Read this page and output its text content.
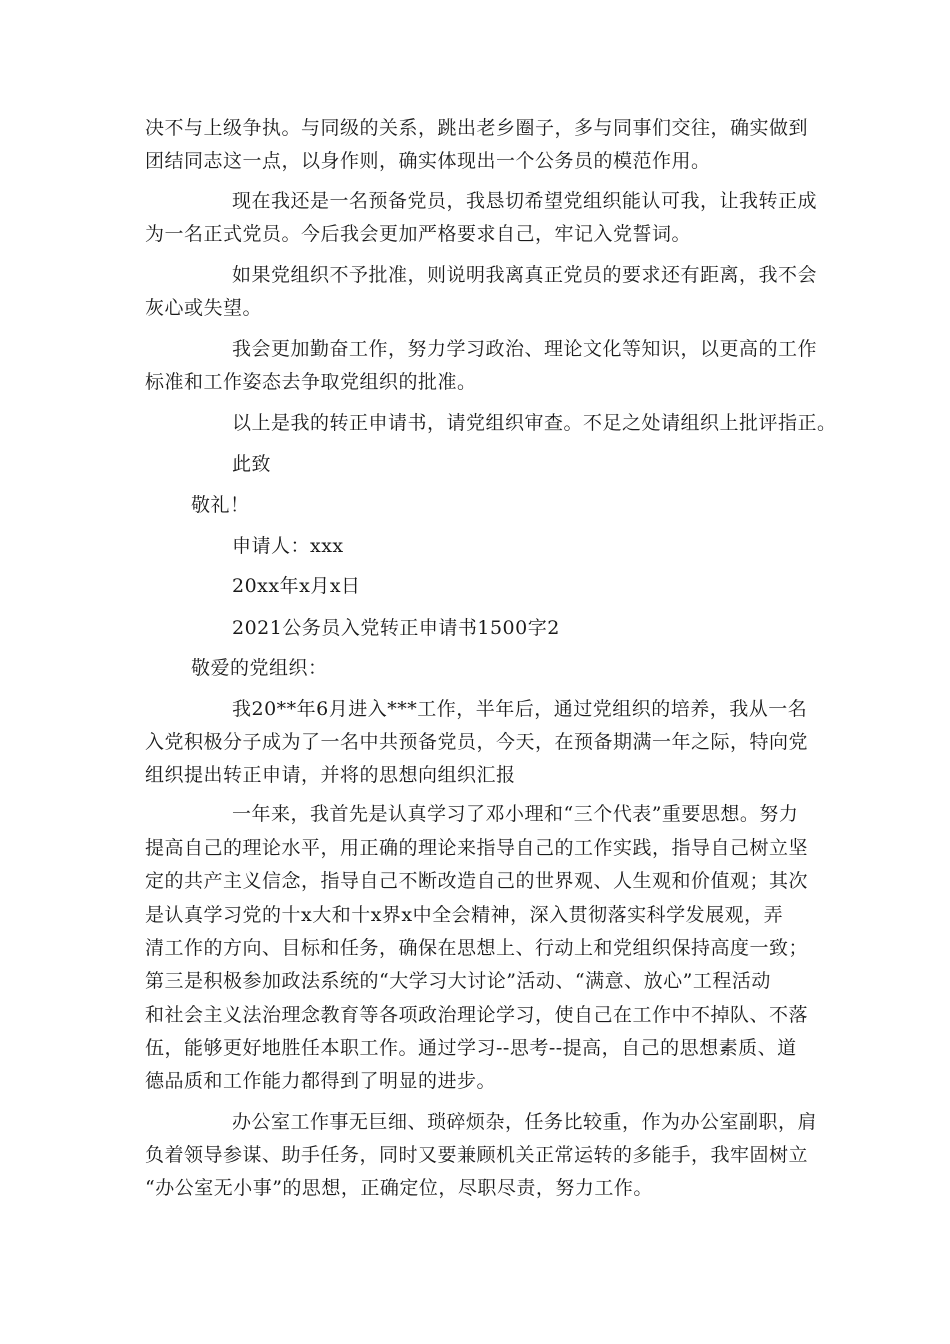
决不与上级争执。与同级的关系，跳出老乡圈子，多与同事们交往，确实做到
团结同志这一点，以身作则，确实体现出一个公务员的模范作用。
现在我还是一名预备党员，我恳切希望党组织能认可我，让我转正成
为一名正式党员。今后我会更加严格要求自己，牢记入党誓词。
如果党组织不予批准，则说明我离真正党员的要求还有距离，我不会
灰心或失望。
我会更加勤奋工作，努力学习政治、理论文化等知识，以更高的工作
标准和工作姿态去争取党组织的批准。
以上是我的转正申请书，请党组织审查。不足之处请组织上批评指正。
此致
敬礼！
申请人：xxx
20xx年x月x日
2021公务员入党转正申请书1500字2
敬爱的党组织：
我20**年6月进入***工作，半年后，通过党组织的培养，我从一名
入党积极分子成为了一名中共预备党员，今天，在预备期满一年之际，特向党
组织提出转正申请，并将的思想向组织汇报
一年来，我首先是认真学习了邓小理和“三个代表”重要思想。努力
提高自己的理论水平，用正确的理论来指导自己的工作实践，指导自己树立坚
定的共产主义信念，指导自己不断改造自己的世界观、人生观和价值观；其次
是认真学习党的十x大和十x界x中全会精神，深入贯彻落实科学发展观，弄
清工作的方向、目标和任务，确保在思想上、行动上和党组织保持高度一致；
第三是积极参加政法系统的“大学习大讨论”活动、“满意、放心”工程活动
和社会主义法治理念教育等各项政治理论学习，使自己在工作中不掉队、不落
伍，能够更好地胜任本职工作。通过学习--思考--提高，自己的思想素质、道
德品质和工作能力都得到了明显的进步。
办公室工作事无巨细、琐碎烦杂，任务比较重，作为办公室副职，肩
负着领导参谋、助手任务，同时又要兼顾机关正常运转的多能手，我牢固树立
“办公室无小事”的思想，正确定位，尽职尽责，努力工作。
